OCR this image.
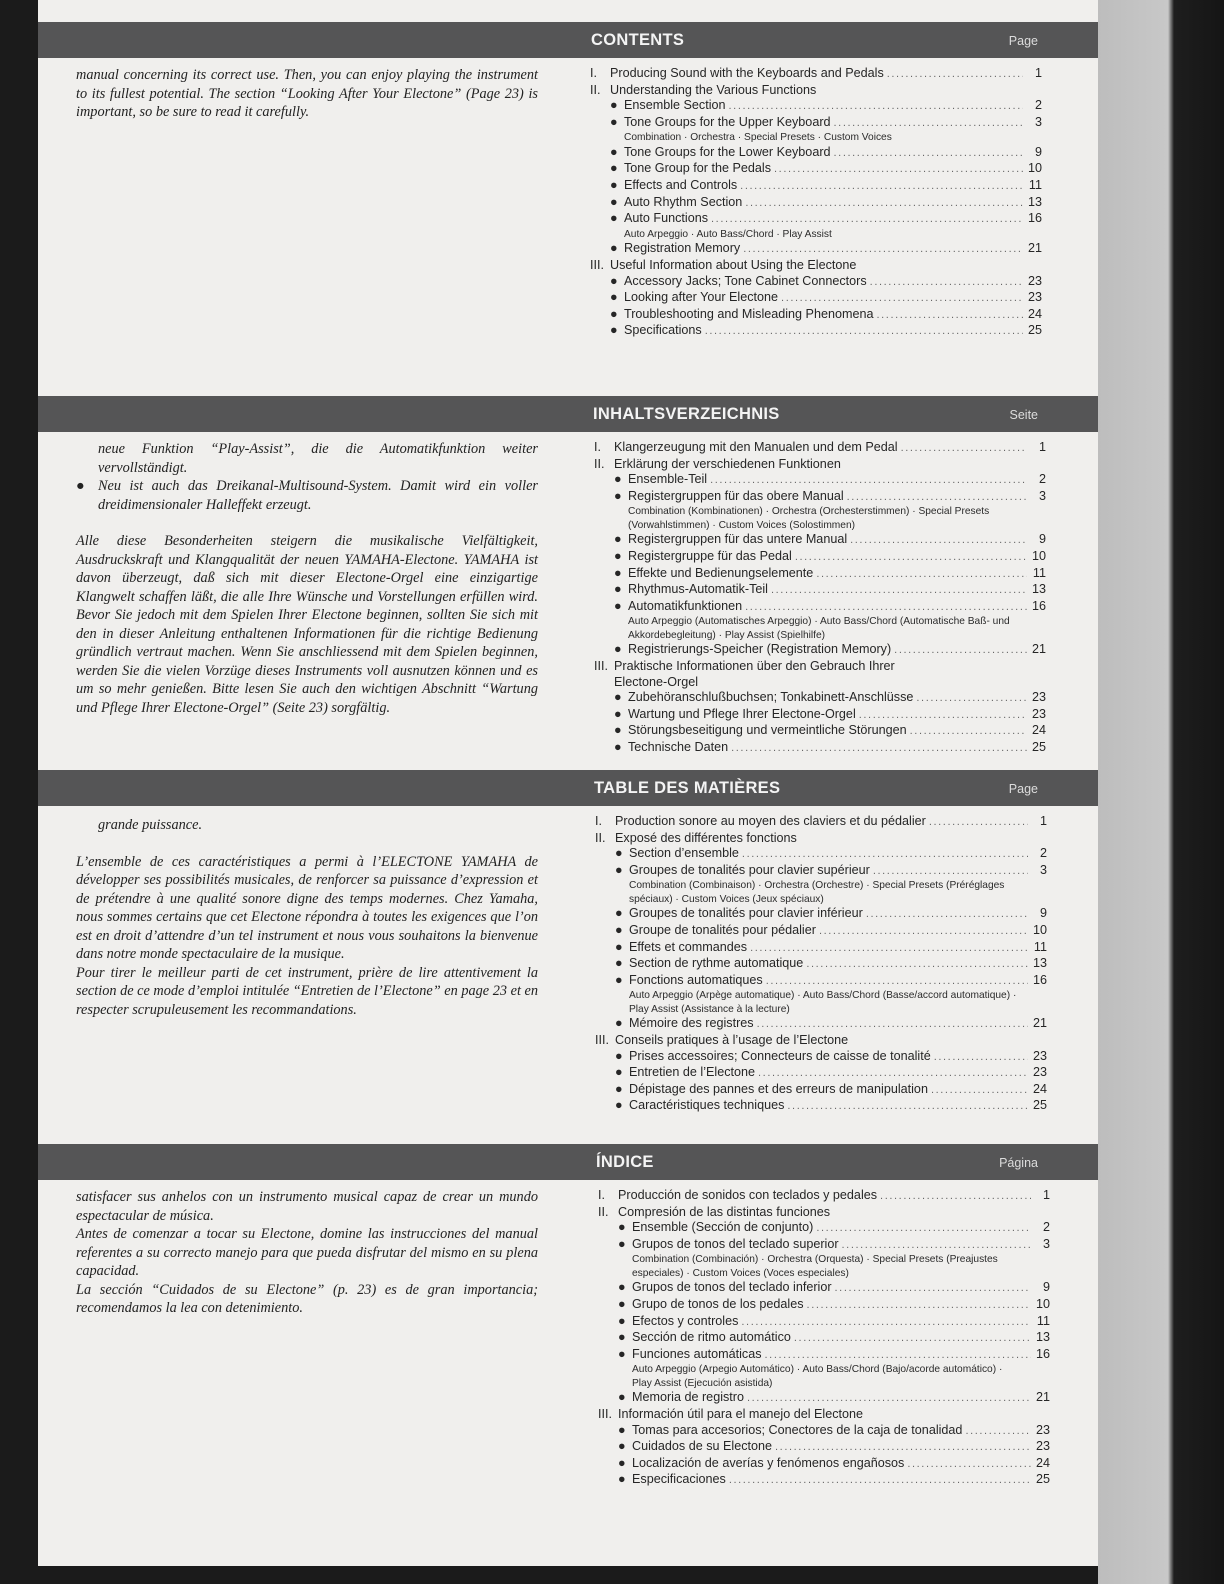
CONTENTS	Page

manual concerning its correct use. Then, you can enjoy playing the instrument to its fullest potential. The section “Looking After Your Electone” (Page 23) is important, so be sure to read it carefully.

I.	Producing Sound with the Keyboards and Pedals .....	1
II. Understanding the Various Functions
● Ensemble Section .....	2
● Tone Groups for the Upper Keyboard .....	3
Combination · Orchestra · Special Presets · Custom Voices
● Tone Groups for the Lower Keyboard .....	9
● Tone Group for the Pedals .....	10
● Effects and Controls .....	11
● Auto Rhythm Section .....	13
● Auto Functions .....	16
Auto Arpeggio · Auto Bass/Chord · Play Assist
● Registration Memory .....	21
III. Useful Information about Using the Electone
● Accessory Jacks; Tone Cabinet Connectors .....	23
● Looking after Your Electone .....	23
● Troubleshooting and Misleading Phenomena .....	24
● Specifications .....	25
INHALTSVERZEICHNIS	Seite

neue Funktion “Play-Assist”, die die Automatikfunktion weiter vervollständigt.

● Neu ist auch das Dreikanal-Multisound-System. Damit wird ein voller dreidimensionaler Halleffekt erzeugt.

Alle diese Besonderheiten steigern die musikalische Vielfältigkeit, Ausdruckskraft und Klangqualität der neuen YAMAHA-Electone. YAMAHA ist davon überzeugt, daß sich mit dieser Electone-Orgel eine einzigartige Klangwelt schaffen läßt, die alle Ihre Wünsche und Vorstellungen erfüllen wird. Bevor Sie jedoch mit dem Spielen Ihrer Electone beginnen, sollten Sie sich mit den in dieser Anleitung enthaltenen Informationen für die richtige Bedienung gründlich vertraut machen. Wenn Sie anschliessend mit dem Spielen beginnen, werden Sie die vielen Vorzüge dieses Instruments voll ausnutzen können und es um so mehr genießen. Bitte lesen Sie auch den wichtigen Abschnitt “Wartung und Pflege Ihrer Electone-Orgel” (Seite 23) sorgfältig.

I.	Klangerzeugung mit den Manualen und dem Pedal .....	1
II. Erklärung der verschiedenen Funktionen
● Ensemble-Teil .....	2
● Registergruppen für das obere Manual .....	3
Combination (Kombinationen) · Orchestra (Orchesterstimmen) · Special Presets (Vorwahlstimmen) · Custom Voices (Solostimmen)
● Registergruppen für das untere Manual .....	9
● Registergruppe für das Pedal .....	10
● Effekte und Bedienungselemente .....	11
● Rhythmus-Automatik-Teil .....	13
● Automatikfunktionen .....	16
Auto Arpeggio (Automatisches Arpeggio) · Auto Bass/Chord (Automatische Baß- und Akkordebegleitung) · Play Assist (Spielhilfe)
● Registrierungs-Speicher (Registration Memory) .....	21
III. Praktische Informationen über den Gebrauch Ihrer
Electone-Orgel
● Zubehöranschlußbuchsen; Tonkabinett-Anschlüsse .....	23
● Wartung und Pflege Ihrer Electone-Orgel .....	23
● Störungsbeseitigung und vermeintliche Störungen .....	24
● Technische Daten .....	25
TABLE DES MATIÈRES	Page

grande puissance.

L’ensemble de ces caractéristiques a permi à l’ELECTONE YAMAHA de développer ses possibilités musicales, de renforcer sa puissance d’expression et de prétendre à une qualité sonore digne des temps modernes. Chez Yamaha, nous sommes certains que cet Electone répondra à toutes les exigences que l’on est en droit d’attendre d’un tel instrument et nous vous souhaitons la bienvenue dans notre monde spectaculaire de la musique.

Pour tirer le meilleur parti de cet instrument, prière de lire attentivement la section de ce mode d’emploi intitulée “Entretien de l’Electone” en page 23 et en respecter scrupuleusement les recommandations.

I.	Production sonore au moyen des claviers et du pédalier .....	1
II. Exposé des différentes fonctions
● Section d’ensemble .....	2
● Groupes de tonalités pour clavier supérieur .....	3
Combination (Combinaison) · Orchestra (Orchestre) · Special Presets (Préréglages spéciaux) · Custom Voices (Jeux spéciaux)
● Groupes de tonalités pour clavier inférieur .....	9
● Groupe de tonalités pour pédalier .....	10
● Effets et commandes .....	11
● Section de rythme automatique .....	13
● Fonctions automatiques .....	16
Auto Arpeggio (Arpège automatique) · Auto Bass/Chord (Basse/accord automatique) · Play Assist (Assistance à la lecture)
● Mémoire des registres .....	21
III. Conseils pratiques à l’usage de l’Electone
● Prises accessoires; Connecteurs de caisse de tonalité .....	23
● Entretien de l’Electone .....	23
● Dépistage des pannes et des erreurs de manipulation .....	24
● Caractéristiques techniques .....	25
ÍNDICE	Página

satisfacer sus anhelos con un instrumento musical capaz de crear un mundo espectacular de música.

Antes de comenzar a tocar su Electone, domine las instrucciones del manual referentes a su correcto manejo para que pueda disfrutar del mismo en su plena capacidad.

La sección “Cuidados de su Electone” (p. 23) es de gran importancia; recomendamos la lea con detenimiento.

I.	Producción de sonidos con teclados y pedales .....	1
II. Compresión de las distintas funciones
● Ensemble (Sección de conjunto) .....	2
● Grupos de tonos del teclado superior .....	3
Combination (Combinación) · Orchestra (Orquesta) · Special Presets (Preajustes especiales) · Custom Voices (Voces especiales)
● Grupos de tonos del teclado inferior .....	9
● Grupo de tonos de los pedales .....	10
● Efectos y controles .....	11
● Sección de ritmo automático .....	13
● Funciones automáticas .....	16
Auto Arpeggio (Arpegio Automático) · Auto Bass/Chord (Bajo/acorde automático) · Play Assist (Ejecución asistida)
● Memoria de registro .....	21
III. Información útil para el manejo del Electone
● Tomas para accesorios; Conectores de la caja de tonalidad .....	23
● Cuidados de su Electone .....	23
● Localización de averías y fenómenos engañosos .....	24
● Especificaciones .....	25
